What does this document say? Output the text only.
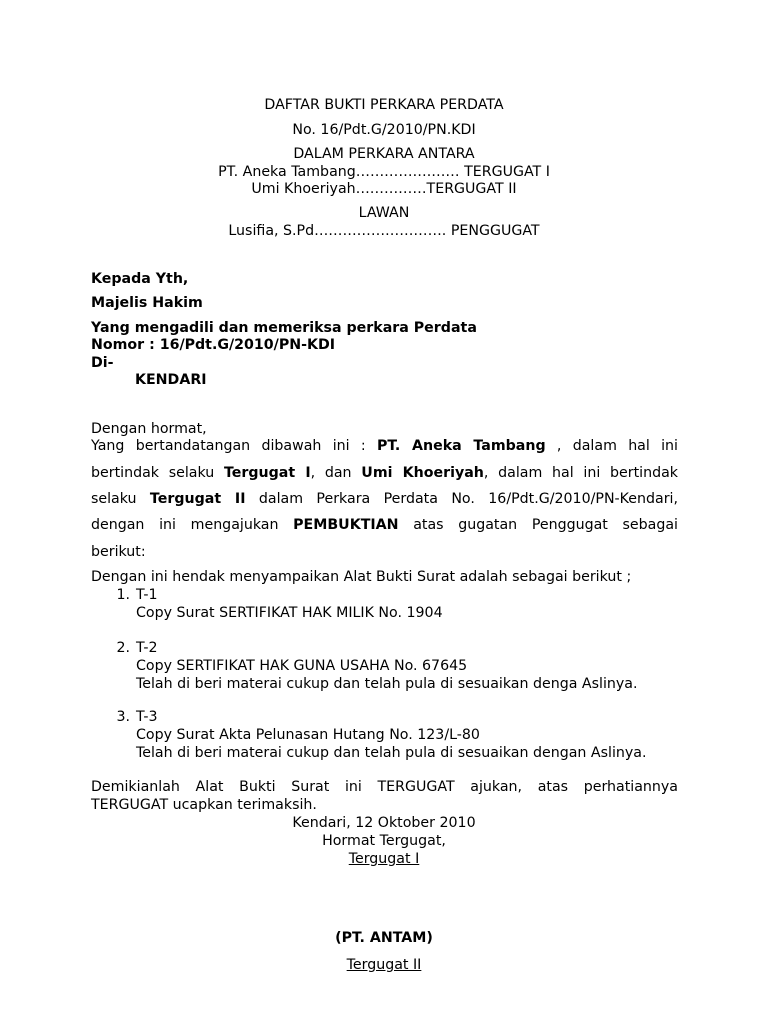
DAFTAR BUKTI PERKARA PERDATA
No. 16/Pdt.G/2010/PN.KDI
DALAM PERKARA ANTARA
PT. Aneka Tambang…………….…… TERGUGAT I
Umi Khoeriyah……………TERGUGAT II
LAWAN
Lusifia, S.Pd………………………. PENGGUGAT
Kepada Yth,
Majelis Hakim
Yang mengadili dan memeriksa perkara Perdata
Nomor : 16/Pdt.G/2010/PN-KDI
Di-
KENDARI
Dengan hormat,
Yang bertandatangan dibawah ini : PT. Aneka Tambang , dalam hal ini
bertindak selaku Tergugat I, dan Umi Khoeriyah, dalam hal ini bertindak
selaku Tergugat II dalam Perkara Perdata No. 16/Pdt.G/2010/PN-Kendari,
dengan ini mengajukan PEMBUKTIAN atas gugatan Penggugat sebagai
berikut:
Dengan ini hendak menyampaikan Alat Bukti Surat adalah sebagai berikut ;
1. T-1
Copy Surat SERTIFIKAT HAK MILIK No. 1904
2. T-2
Copy SERTIFIKAT HAK GUNA USAHA No. 67645
Telah di beri materai cukup dan telah pula di sesuaikan denga Aslinya.
3. T-3
Copy Surat Akta Pelunasan Hutang No. 123/L-80
Telah di beri materai cukup dan telah pula di sesuaikan dengan Aslinya.
Demikianlah Alat Bukti Surat ini TERGUGAT ajukan, atas perhatiannya
TERGUGAT ucapkan terimaksih.
Kendari, 12 Oktober 2010
Hormat Tergugat,
Tergugat I
(PT. ANTAM)
Tergugat II
